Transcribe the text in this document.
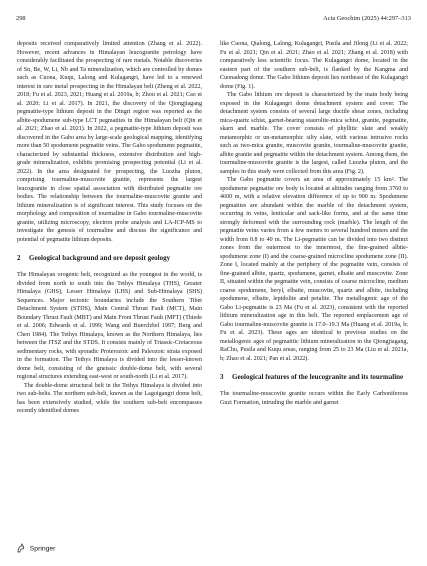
298	Acta Geochim (2025) 44:297–313

deposits received comparatively limited attention (Zhang et al. 2022). However, recent advances in Himalayan leucogranite petrology have considerably facilitated the prospecting of rare metals. Notable discoveries of Sn, Be, W, Li, Nb and Ta mineralization, which are controlled by domes such as Cuona, Kuqu, Lalong and Kulagangri, have led to a renewed interest in rare metal prospecting in the Himalayan belt (Zheng et al. 2022, 2018; Fu et al. 2023, 2021; Huang et al. 2019a, b; Zhou et al. 2021; Cao et al. 2020; Li et al. 2017). In 2021, the discovery of the Qiongjiagang pegmatite-type lithium deposit in the Dingri region was reported as the albite-spodumene sub-type LCT pegmatites in the Himalayan belt (Qin et al. 2021; Zhao et al. 2021). In 2022, a pegmatite-type lithium deposit was discovered in the Gabo area by large-scale geological mapping, identifying more than 50 spodumene pegmatite veins. The Gabo spodumene pegmatite, characterized by substantial thickness, extensive distribution and high-grade mineralization, exhibits promising prospecting potential (Li et al. 2022). In the area designated for prospecting, the Luozha pluton, comprising tourmaline-muscovite granite, represents the largest leucogranite in close spatial association with distributed pegmatite ore bodies. The relationship between the tourmaline-muscovite granite and lithium mineralization is of significant interest. This study focuses on the morphology and composition of tourmaline in Gabo tourmaline-muscovite granite, utilizing microscopy, electron probe analysis and LA-ICP-MS to investigate the genesis of tourmaline and discuss the significance and potential of pegmatite lithium deposits.

2 Geological background and ore deposit geology

The Himalayan orogenic belt, recognized as the youngest in the world, is divided from north to south into the Tethys Himalaya (THS), Greater Himalaya (GHS), Lesser Himalaya (LHS) and Sub-Himalaya (SHS) Sequences. Major tectonic boundaries include the Southern Tibet Detachment System (STDS), Main Central Thrust Fault (MCT), Main Boundary Thrust Fault (MBT) and Main Front Thrust Fault (MFT) (Thiede et al. 2006; Edwards et al. 1999; Wang and Buerchfiel 1997; Burg and Chen 1984). The Tethys Himalaya, known as the Northern Himalaya, lies between the ITSZ and the STDS. It consists mainly of Triassic-Cretaceous sedimentary rocks, with sporadic Proterozoic and Paleozoic strata exposed in the formation. The Tethys Himalaya is divided into the lesser-known dome belt, consisting of the gneissic double-dome belt, with several regional structures extending east-west or south-north (Li et al. 2017).

The double-dome structural belt in the Tethys Himalaya is divided into two sub-belts. The northern sub-belt, known as the Lagoigangri dome belt, has been extensively studied, while the southern sub-belt encompasses recently identified domes

like Cuona, Qialong, Lalong, Kulagangri, Pusila and Jilong (Li et al. 2022; Fu et al. 2021; Qin et al. 2021; Zhao et al. 2021; Zhang et al. 2018) with comparatively less scientific focus. The Kulagangri dome, located in the eastern part of the southern sub-belt, is flanked by the Kangma and Cuonadong dome. The Gabo lithium deposit lies northeast of the Kulagangri dome (Fig. 1).

The Gabo lithium ore deposit is characterized by the main body being exposed in the Kulagangri dome detachment system and cover. The detachment system consists of several large ductile shear zones, including mica-quartz schist, garnet-bearing staurolite-mica schist, granite, pegmatite, skarn and marble. The cover consists of phyllitic slate and weakly metamorphic or un-metamorphic silty slate, with various intrusive rocks such as two-mica granite, muscovite granite, tourmaline-muscovite granite, albite granite and pegmatite within the detachment system. Among them, the tourmaline-muscovite granite is the largest, called Luozha pluton, and the samples in this study were collected from this area (Fig. 2).

The Gabo pegmatite covers an area of approximately 15 km². The spodumene pegmatite ore body is located at altitudes ranging from 3760 to 4600 m, with a relative elevation difference of up to 900 m. Spodumene pegmatites are abundant within the marble of the detachment system, occurring in veins, lenticular and sack-like forms, and at the same time strongly deformed with the surrounding rock (marble). The length of the pegmatite veins varies from a few meters to several hundred meters and the width from 0.8 to 40 m. The Li-pegmatite can be divided into two distinct zones from the outermost to the innermost, the fine-grained albite-spodumene zone (I) and the coarse-grained microcline spodumene zone (II). Zone I, located mainly at the periphery of the pegmatite vein, consists of fine-grained albite, quartz, spodumene, garnet, elbaite and muscovite. Zone II, situated within the pegmatite vein, consists of coarse microcline, medium coarse spodumene, beryl, elbaite, muscovite, quartz and albite, including spodumene, elbaite, lepidolite and petalite. The metallogenic age of the Gabo Li-pegmatite is 23 Ma (Fu et al. 2023), consistent with the reported lithium mineralization age in this belt. The reported emplacement age of Gabo tourmaline-muscovite granite is 17.0–19.3 Ma (Huang et al. 2019a, b; Fu et al. 2023). These ages are identical to previous studies on the metallogenic ages of pegmatitic lithium mineralization in the Qiongjiagang, RaChu, Pusila and Kuqu areas, ranging from 25 to 23 Ma (Liu et al. 2021a, b; Zhao et al. 2021; Pan et al. 2022).

3 Geological features of the leucogranite and its tourmaline

The tourmaline-muscovite granite occurs within the Early Carboniferous Guzi Formation, intruding the marble and garnet

Springer
